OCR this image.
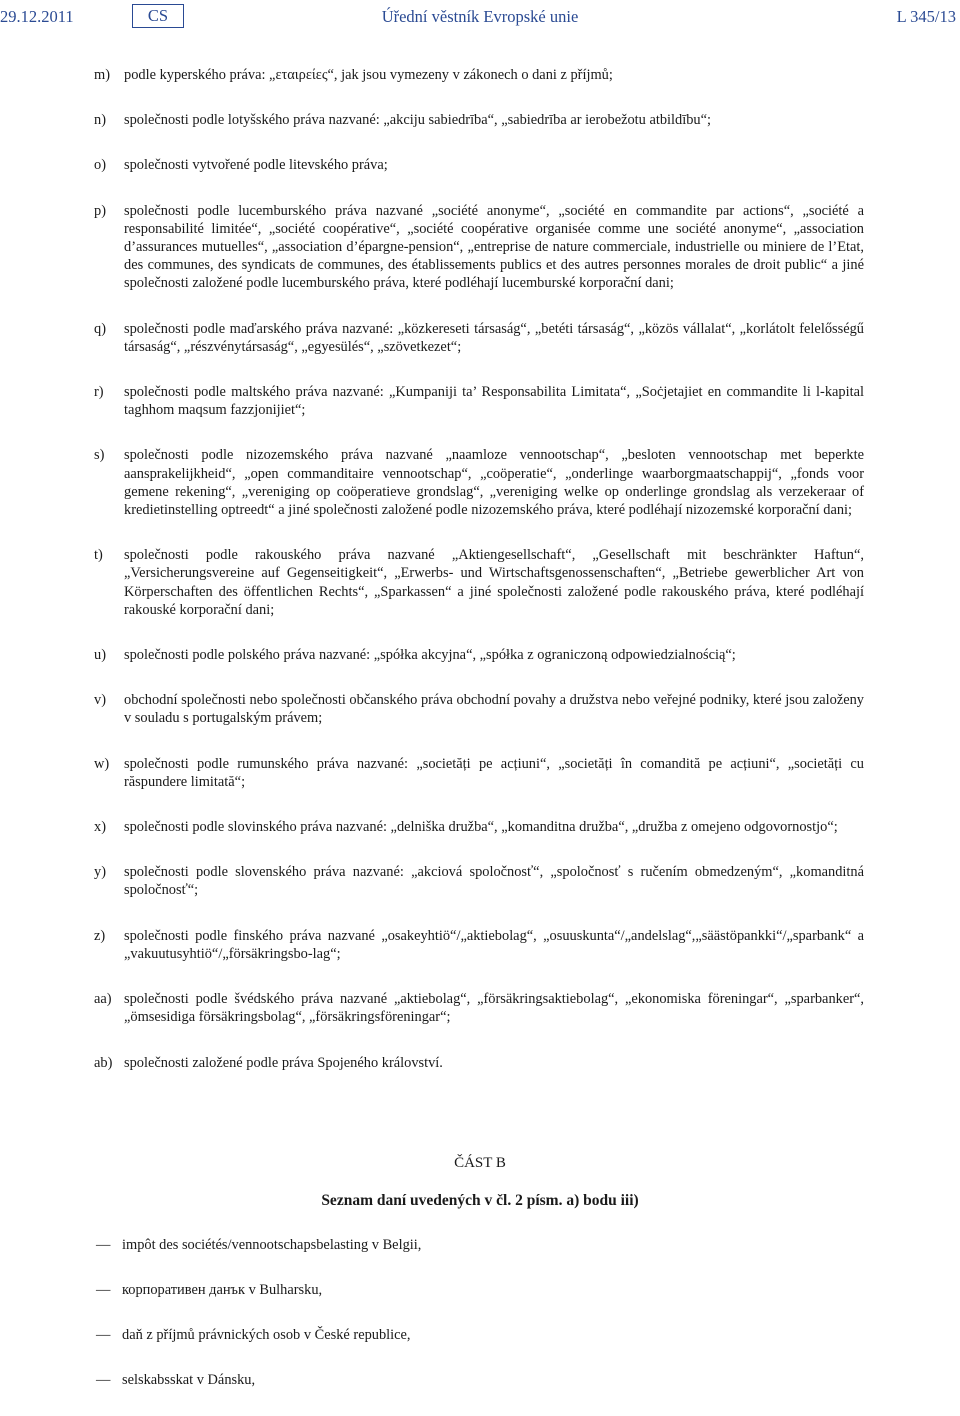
29.12.2011	CS	Úřední věstník Evropské unie	L 345/13
m) podle kyperského práva: „εταιρείες“, jak jsou vymezeny v zákonech o dani z příjmů;
n) společnosti podle lotyšského práva nazvané: „akciju sabiedrība“, „sabiedrība ar ierobežotu atbildību“;
o) společnosti vytvořené podle litevského práva;
p) společnosti podle lucemburského práva nazvané „société anonyme“, „société en commandite par actions“, „société a responsabilité limitée“, „société coopérative“, „société coopérative organisée comme une société anonyme“, „association d’assurances mutuelles“, „association d’épargne-pension“, „entreprise de nature commerciale, industrielle ou miniere de l’Etat, des communes, des syndicats de communes, des établissements publics et des autres personnes morales de droit public“ a jiné společnosti založené podle lucemburského práva, které podléhají lucemburské korporační dani;
q) společnosti podle maďarského práva nazvané: „közkereseti társaság“, „betéti társaság“, „közös vállalat“, „korlátolt felelősségű társaság“, „részvénytársaság“, „egyesülés“, „szövetkezet“;
r) společnosti podle maltského práva nazvané: „Kumpaniji ta’ Responsabilita Limitata“, „Soċjetajiet en commandite li l-kapital taghhom maqsum fazzjonijiet“;
s) společnosti podle nizozemského práva nazvané „naamloze vennootschap“, „besloten vennootschap met beperkte aansprakelijkheid“, „open commanditaire vennootschap“, „coöperatie“, „onderlinge waarborgmaatschappij“, „fonds voor gemene rekening“, „vereniging op coöperatieve grondslag“, „vereniging welke op onderlinge grondslag als verzekeraar of kredietinstelling optreedt“ a jiné společnosti založené podle nizozemského práva, které podléhají nizozemské korporační dani;
t) společnosti podle rakouského práva nazvané „Aktiengesellschaft“, „Gesellschaft mit beschränkter Haftun“, „Versicherungsvereine auf Gegenseitigkeit“, „Erwerbs- und Wirtschaftsgenossenschaften“, „Betriebe gewerblicher Art von Körperschaften des öffentlichen Rechts“, „Sparkassen“ a jiné společnosti založené podle rakouského práva, které podléhají rakouské korporační dani;
u) společnosti podle polského práva nazvané: „spółka akcyjna“, „spółka z ograniczoną odpowiedzialnością“;
v) obchodní společnosti nebo společnosti občanského práva obchodní povahy a družstva nebo veřejné podniky, které jsou založeny v souladu s portugalským právem;
w) společnosti podle rumunského práva nazvané: „societăți pe acțiuni“, „societăți în comandită pe acțiuni“, „societăți cu răspundere limitată“;
x) společnosti podle slovinského práva nazvané: „delniška družba“, „komanditna družba“, „družba z omejeno odgovornostjo“;
y) společnosti podle slovenského práva nazvané: „akciová spoločnosť“, „spoločnosť s ručením obmedzeným“, „komanditná spoločnosť“;
z) společnosti podle finského práva nazvané „osakeyhtiö“/„aktiebolag“, „osuuskunta“/„andelslag“,„säästöpankki“/„sparbank“ a „vakuutusyhtiö“/„försäkringsbo-lag“;
aa) společnosti podle švédského práva nazvané „aktiebolag“, „försäkringsaktiebolag“, „ekonomiska föreningar“, „sparbanker“, „ömsesidiga försäkringsbolag“, „försäkringsföreningar“;
ab) společnosti založené podle práva Spojeného království.
ČÁST B
Seznam daní uvedených v čl. 2 písm. a) bodu iii)
— impôt des sociétés/vennootschapsbelasting v Belgii,
— корпоративен данък v Bulharsku,
— daň z příjmů právnických osob v České republice,
— selskabsskat v Dánsku,
